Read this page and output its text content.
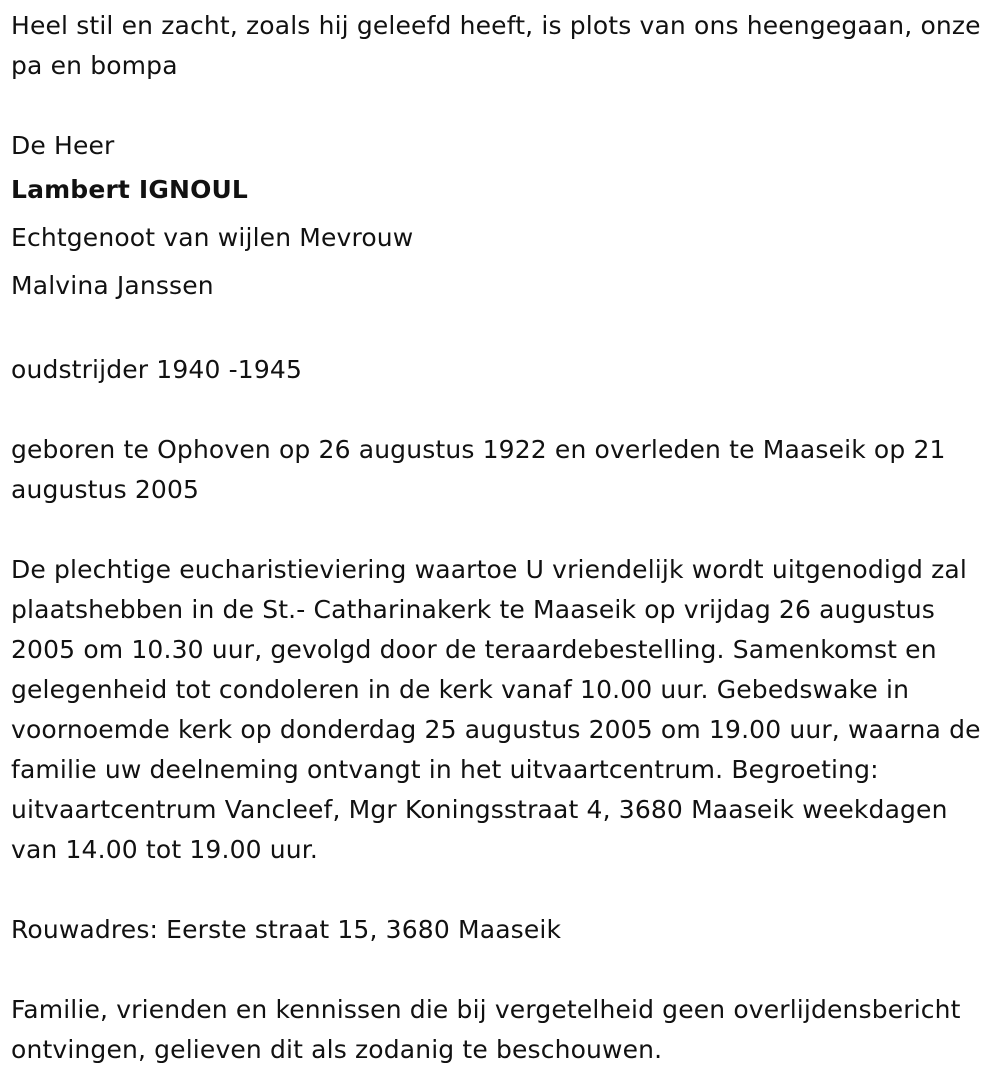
Heel stil en zacht, zoals hij geleefd heeft, is plots van ons heengegaan, onze pa en bompa

De Heer

Lambert IGNOUL

Echtgenoot van wijlen Mevrouw

Malvina Janssen

oudstrijder 1940 -1945

geboren te Ophoven op 26 augustus 1922 en overleden te Maaseik op 21 augustus 2005

De plechtige eucharistieviering waartoe U vriendelijk wordt uitgenodigd zal plaatshebben in de St.- Catharinakerk te Maaseik op vrijdag 26 augustus 2005 om 10.30 uur, gevolgd door de teraardebestelling. Samenkomst en gelegenheid tot condoleren in de kerk vanaf 10.00 uur. Gebedswake in voornoemde kerk op donderdag 25 augustus 2005 om 19.00 uur, waarna de familie uw deelneming ontvangt in het uitvaartcentrum. Begroeting: uitvaartcentrum Vancleef, Mgr Koningsstraat 4, 3680 Maaseik weekdagen van 14.00 tot 19.00 uur.

Rouwadres: Eerste straat 15, 3680 Maaseik

Familie, vrienden en kennissen die bij vergetelheid geen overlijdensbericht ontvingen, gelieven dit als zodanig te beschouwen.
